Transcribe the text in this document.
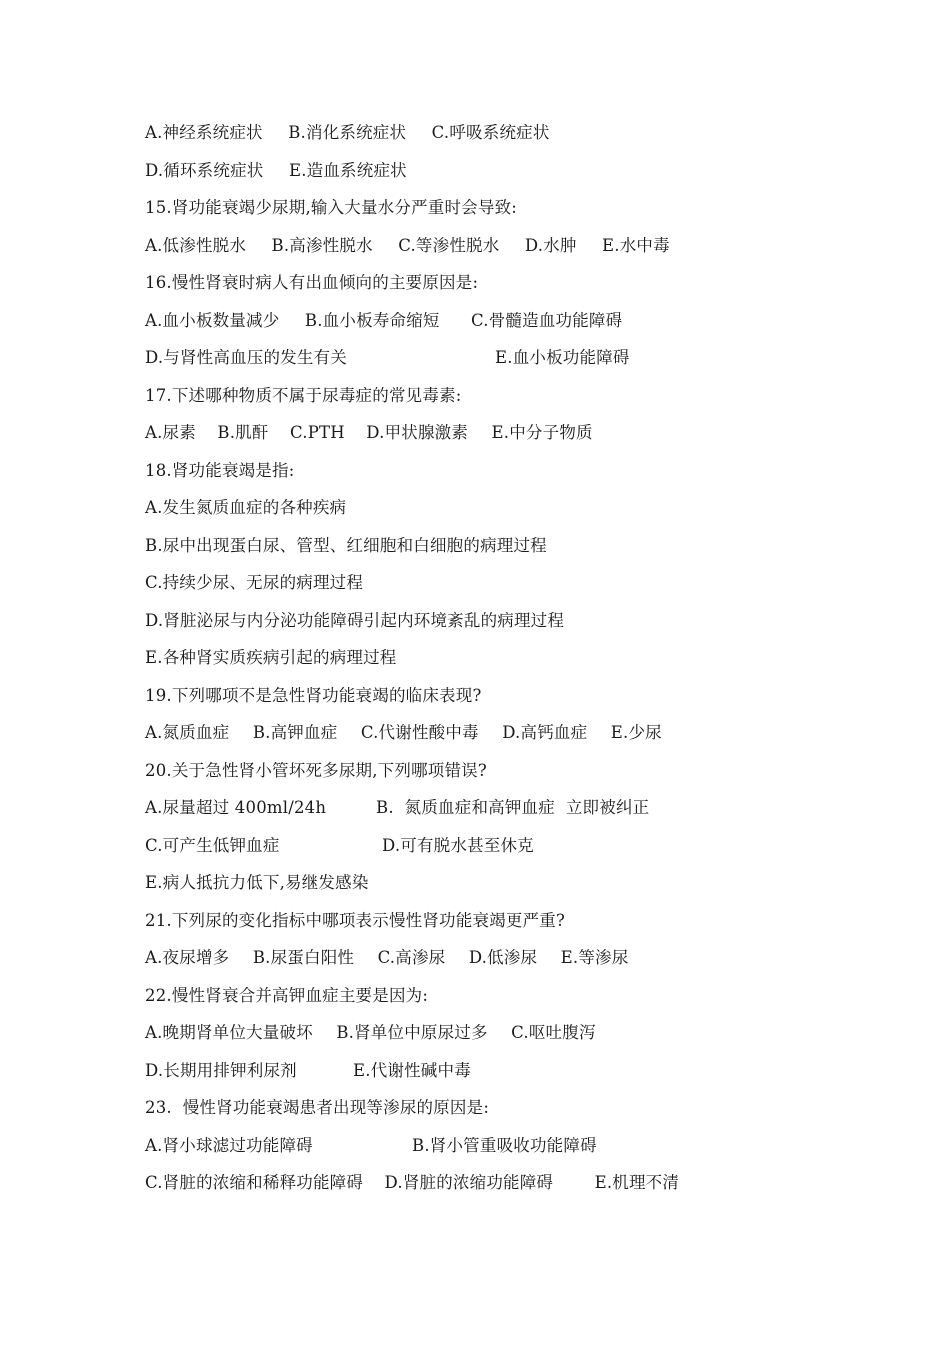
A.神经系统症状 B.消化系统症状 C.呼吸系统症状
D.循环系统症状 E.造血系统症状
15.肾功能衰竭少尿期,输入大量水分严重时会导致:
A.低渗性脱水 B.高渗性脱水 C.等渗性脱水 D.水肿 E.水中毒
16.慢性肾衰时病人有出血倾向的主要原因是:
A.血小板数量减少 B.血小板寿命缩短 C.骨髓造血功能障碍
D.与肾性高血压的发生有关	E.血小板功能障碍
17.下述哪种物质不属于尿毒症的常见毒素:
A.尿素 B.肌酐 C.PTH D.甲状腺激素 E.中分子物质
18.肾功能衰竭是指:
A.发生氮质血症的各种疾病
B.尿中出现蛋白尿、管型、红细胞和白细胞的病理过程
C.持续少尿、无尿的病理过程
D.肾脏泌尿与内分泌功能障碍引起内环境紊乱的病理过程
E.各种肾实质疾病引起的病理过程
19.下列哪项不是急性肾功能衰竭的临床表现?
A.氮质血症 B.高钾血症 C.代谢性酸中毒 D.高钙血症 E.少尿
20.关于急性肾小管坏死多尿期,下列哪项错误?
A.尿量超过 400ml/24h	B.  氮质血症和高钾血症  立即被纠正
C.可产生低钾血症	D.可有脱水甚至休克
E.病人抵抗力低下,易继发感染
21.下列尿的变化指标中哪项表示慢性肾功能衰竭更严重?
A.夜尿增多 B.尿蛋白阳性 C.高渗尿 D.低渗尿 E.等渗尿
22.慢性肾衰合并高钾血症主要是因为:
A.晚期肾单位大量破坏 B.肾单位中原尿过多 C.呕吐腹泻
D.长期用排钾利尿剂	E.代谢性碱中毒
23.  慢性肾功能衰竭患者出现等渗尿的原因是:
A.肾小球滤过功能障碍	B.肾小管重吸收功能障碍
C.肾脏的浓缩和稀释功能障碍 D.肾脏的浓缩功能障碍	E.机理不清
